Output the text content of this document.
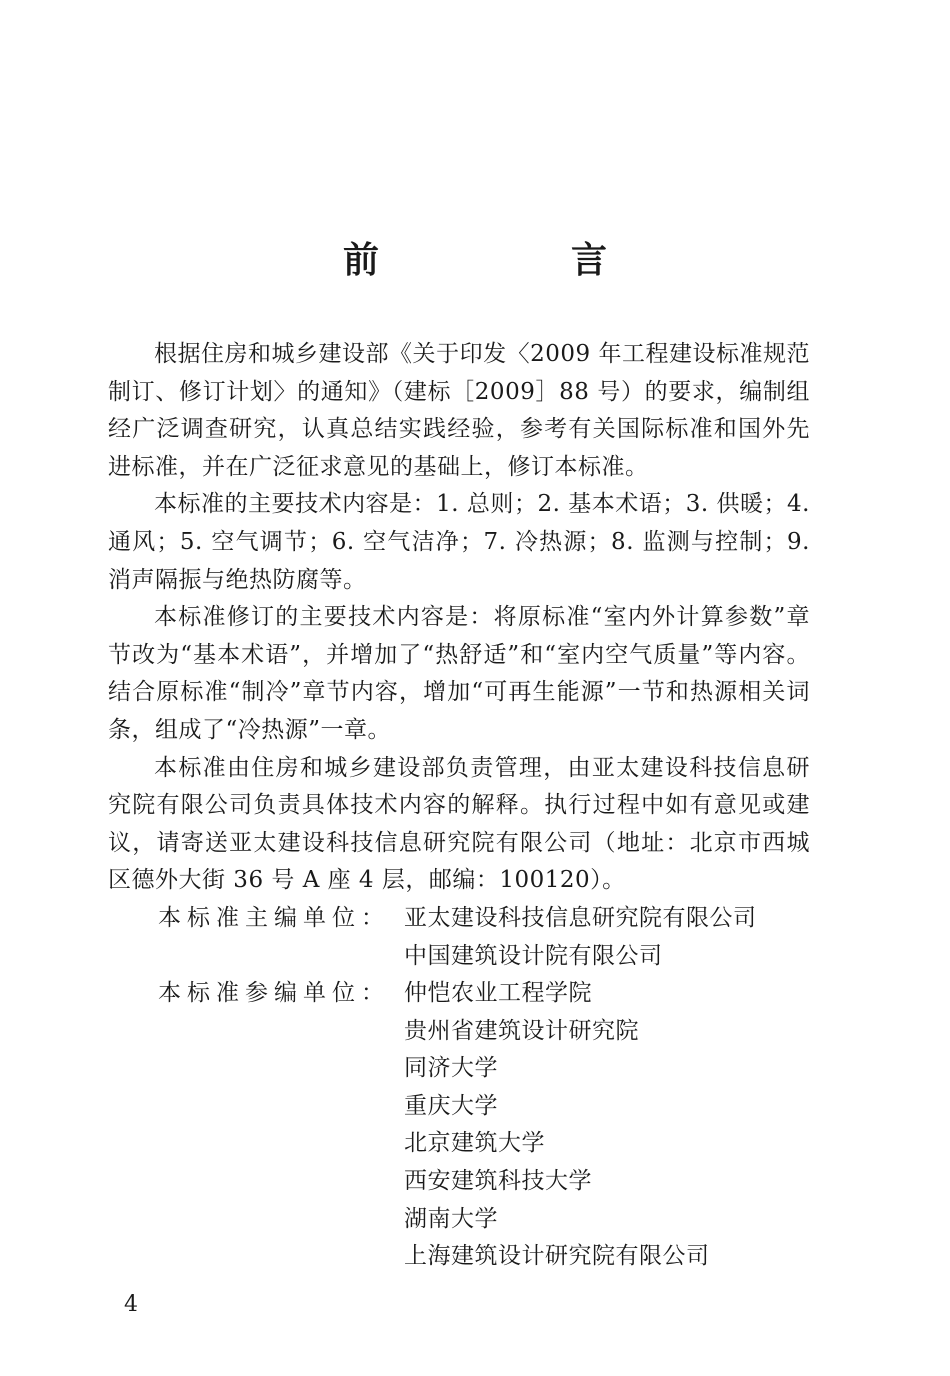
前　言

根据住房和城乡建设部《关于印发〈2009 年工程建设标准规范制订、修订计划〉的通知》（建标［2009］88 号）的要求，编制组经广泛调查研究，认真总结实践经验，参考有关国际标准和国外先进标准，并在广泛征求意见的基础上，修订本标准。

本标准的主要技术内容是：1. 总则；2. 基本术语；3. 供暖；4. 通风；5. 空气调节；6. 空气洁净；7. 冷热源；8. 监测与控制；9. 消声隔振与绝热防腐等。

本标准修订的主要技术内容是：将原标准“室内外计算参数”章节改为“基本术语”，并增加了“热舒适”和“室内空气质量”等内容。结合原标准“制冷”章节内容，增加“可再生能源”一节和热源相关词条，组成了“冷热源”一章。

本标准由住房和城乡建设部负责管理，由亚太建设科技信息研究院有限公司负责具体技术内容的解释。执行过程中如有意见或建议，请寄送亚太建设科技信息研究院有限公司（地址：北京市西城区德外大街 36 号 A 座 4 层，邮编：100120）。

本标准主编单位： 亚太建设科技信息研究院有限公司
中国建筑设计院有限公司
本标准参编单位： 仲恺农业工程学院
贵州省建筑设计研究院
同济大学
重庆大学
北京建筑大学
西安建筑科技大学
湖南大学
上海建筑设计研究院有限公司
4
